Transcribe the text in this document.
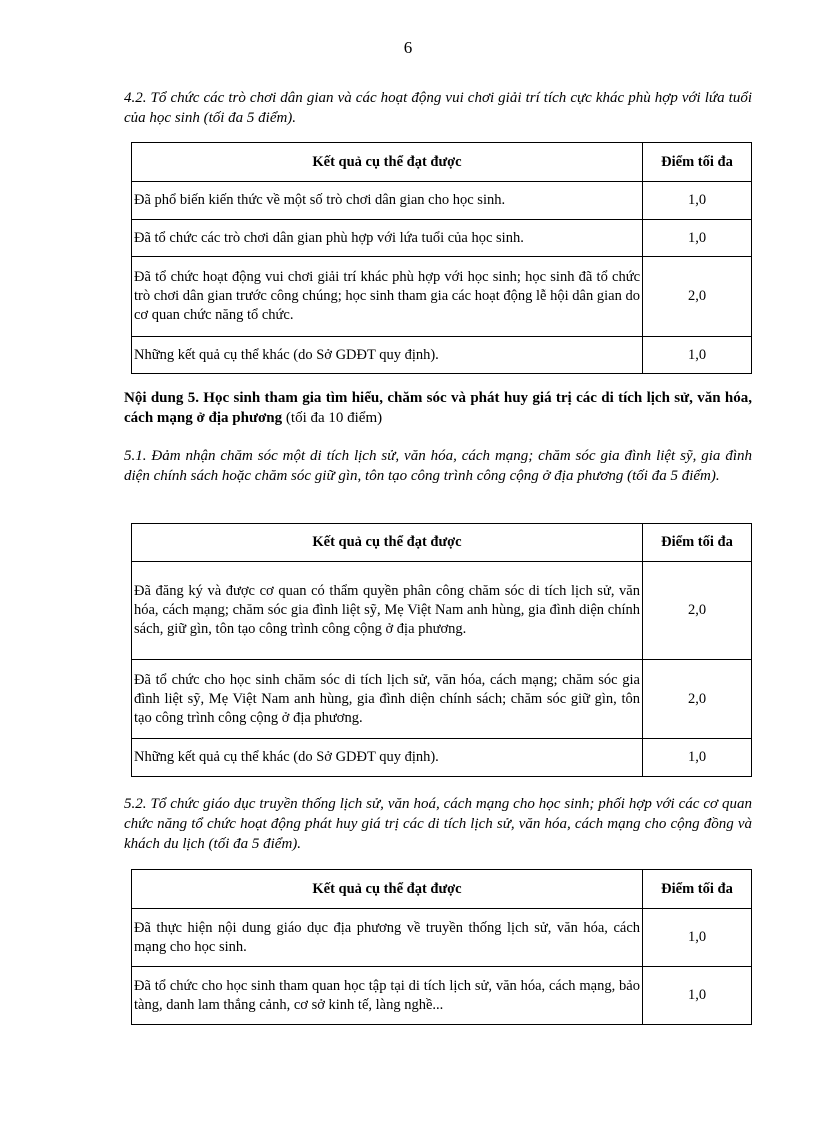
6
4.2. Tổ chức các trò chơi dân gian và các hoạt động vui chơi giải trí tích cực khác phù hợp với lứa tuổi của học sinh (tối đa 5 điểm).
Kết quả cụ thể đạt được	Điểm tối đa
Đã phổ biến kiến thức về một số trò chơi dân gian cho học sinh.	1,0
Đã tổ chức các trò chơi dân gian phù hợp với lứa tuổi của học sinh.	1,0
Đã tổ chức hoạt động vui chơi giải trí khác phù hợp với học sinh; học sinh đã tổ chức trò chơi dân gian trước công chúng; học sinh tham gia các hoạt động lễ hội dân gian do cơ quan chức năng tổ chức.	2,0
Những kết quả cụ thể khác (do Sở GDĐT quy định).	1,0
Nội dung 5. Học sinh tham gia tìm hiểu, chăm sóc và phát huy giá trị các di tích lịch sử, văn hóa, cách mạng ở địa phương (tối đa 10 điểm)
5.1. Đảm nhận chăm sóc một di tích lịch sử, văn hóa, cách mạng; chăm sóc gia đình liệt sỹ, gia đình diện chính sách hoặc chăm sóc giữ gìn, tôn tạo công trình công cộng ở địa phương (tối đa 5 điểm).
Kết quả cụ thể đạt được	Điểm tối đa
Đã đăng ký và được cơ quan có thẩm quyền phân công chăm sóc di tích lịch sử, văn hóa, cách mạng; chăm sóc gia đình liệt sỹ, Mẹ Việt Nam anh hùng, gia đình diện chính sách, giữ gìn, tôn tạo công trình công cộng ở địa phương.	2,0
Đã tổ chức cho học sinh chăm sóc di tích lịch sử, văn hóa, cách mạng; chăm sóc gia đình liệt sỹ, Mẹ Việt Nam anh hùng, gia đình diện chính sách; chăm sóc giữ gìn, tôn tạo công trình công cộng ở địa phương.	2,0
Những kết quả cụ thể khác (do Sở GDĐT quy định).	1,0
5.2. Tổ chức giáo dục truyền thống lịch sử, văn hoá, cách mạng cho học sinh; phối hợp với các cơ quan chức năng tổ chức hoạt động phát huy giá trị các di tích lịch sử, văn hóa, cách mạng cho cộng đồng và khách du lịch (tối đa 5 điểm).
Kết quả cụ thể đạt được	Điểm tối đa
Đã thực hiện nội dung giáo dục địa phương về truyền thống lịch sử, văn hóa, cách mạng cho học sinh.	1,0
Đã tổ chức cho học sinh tham quan học tập tại di tích lịch sử, văn hóa, cách mạng, bảo tàng, danh lam thắng cảnh, cơ sở kinh tế, làng nghề...	1,0
